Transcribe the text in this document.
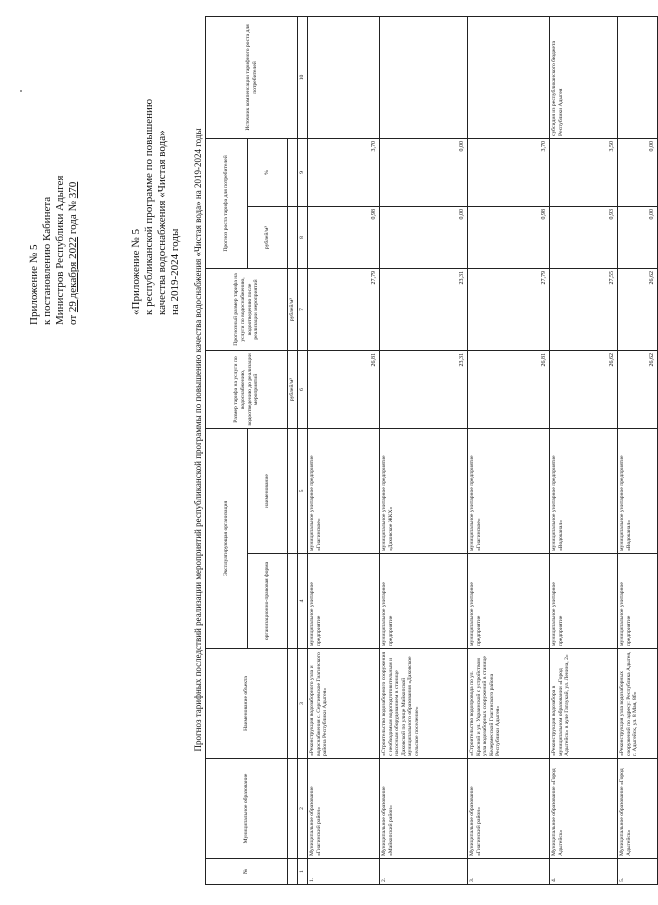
Приложение № 5 к постановлению Кабинета Министров Республики Адыгея от 29 декабря 2022 года № 370
«Приложение № 5 к республиканской программе по повышению качества водоснабжения «Чистая вода» на 2019-2024 годы Прогноз тарифных последствий реализации мероприятий республиканской программы по повышению качества водоснабжения «Чистая вода» на 2019-2024 годы
№	Муниципальное образование	Наименование объекта	Эксплуатирующая организация		Размер тарифа на услуги по водоснабжению, водоотведению до реализации мероприятий	Прогнозный размер тарифа на услуги по водоснабжению, водоотведению после реализации мероприятий	Прогноз роста тарифа для потребителей		Источник компенсации тарифного роста для потребителей
			организационно-правовая форма	наименование			рублей/м³	%	
					рублей/м³	рублей/м³			
1	2	3	4	5	6	7	8	9	10
1.	Муниципальное образование «Гиагинский район»	«Реконструкция водозаборного узла и водоснабжения с. Сергиевское Гиагинского района Республики Адыгея»	муниципальное унитарное предприятие	муниципальное унитарное предприятие «Гиагинское»	26,81	27,79	0,98	3,70	
2.	Муниципальное образование «Майкопский район»	«Строительство водозаборного сооружения с необходимым водоподготовительным и насосным оборудованием в станице Даховской по улице Майкопской муниципального образования «Даховское сельское поселение»	муниципальное унитарное предприятие	муниципальное унитарное предприятие «Даховское ЖКХ»	23,31	23,31	0,00	0,00	
3.	Муниципальное образование «Гиагинский район»	«Строительство водопровода по ул. Красной и ул. Украинской с устройством узла водозаборных сооружений в станице Келермесской Гиагинского района Республики Адыгея»	муниципальное унитарное предприятие	муниципальное унитарное предприятие «Гиагинское»	26,81	27,79	0,98	3,70	
4.	Муниципальное образование «Город Адыгейск»	«Реконструкция водозабора в муниципальном образовании «Город Адыгейск» в ауле Гатлукай, ул. Ленина, 2»	муниципальное унитарное предприятие	муниципальное унитарное предприятие «Водоканал»	26,62	27,55	0,93	3,50	субсидия из республиканского бюджета Республики Адыгея
5.	Муниципальное образование «Город Адыгейск»	«Реконструкция узла водозаборных сооружений по адресу: Республика Адыгея, г. Адыгейск, ул. 8 Мая, 8б»	муниципальное унитарное предприятие	муниципальное унитарное предприятие «Водоканал»	26,62	26,62	0,00	0,00	
